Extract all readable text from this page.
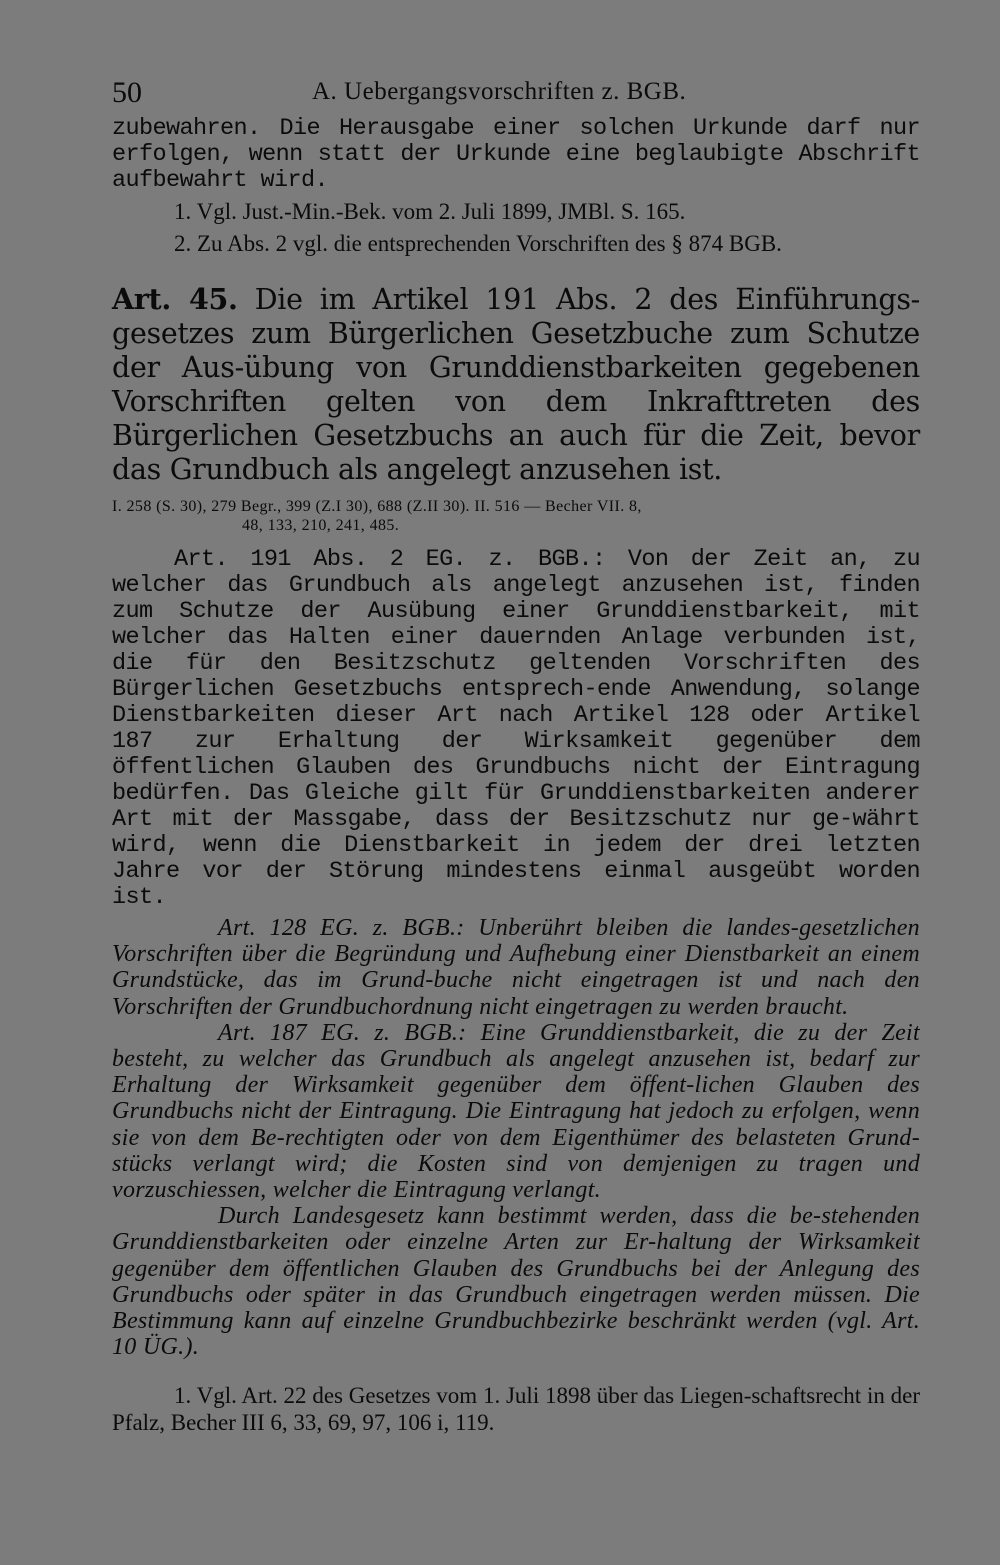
50	A. Uebergangsvorschriften z. BGB.

zubewahren. Die Herausgabe einer solchen Urkunde darf nur erfolgen, wenn statt der Urkunde eine beglaubigte Abschrift aufbewahrt wird.

1. Vgl. Just.-Min.-Bek. vom 2. Juli 1899, JMBl. S. 165.

2. Zu Abs. 2 vgl. die entsprechenden Vorschriften des § 874 BGB.

Art. 45. Die im Artikel 191 Abs. 2 des Einführungs-gesetzes zum Bürgerlichen Gesetzbuche zum Schutze der Aus-übung von Grunddienstbarkeiten gegebenen Vorschriften gelten von dem Inkrafttreten des Bürgerlichen Gesetzbuchs an auch für die Zeit, bevor das Grundbuch als angelegt anzusehen ist.
I. 258 (S. 30), 279 Begr., 399 (Z.I 30), 688 (Z.II 30). II. 516 — Becher VII. 8,
48, 133, 210, 241, 485.

Art. 191 Abs. 2 EG. z. BGB.: Von der Zeit an, zu welcher das Grundbuch als angelegt anzusehen ist, finden zum Schutze der Ausübung einer Grunddienstbarkeit, mit welcher das Halten einer dauernden Anlage verbunden ist, die für den Besitzschutz geltenden Vorschriften des Bürgerlichen Gesetzbuchs entsprech-ende Anwendung, solange Dienstbarkeiten dieser Art nach Artikel 128 oder Artikel 187 zur Erhaltung der Wirksamkeit gegenüber dem öffentlichen Glauben des Grundbuchs nicht der Eintragung bedürfen. Das Gleiche gilt für Grunddienstbarkeiten anderer Art mit der Massgabe, dass der Besitzschutz nur ge-währt wird, wenn die Dienstbarkeit in jedem der drei letzten Jahre vor der Störung mindestens einmal ausgeübt worden ist.

Art. 128 EG. z. BGB.: Unberührt bleiben die landes-gesetzlichen Vorschriften über die Begründung und Aufhebung einer Dienstbarkeit an einem Grundstücke, das im Grund-buche nicht eingetragen ist und nach den Vorschriften der Grundbuchordnung nicht eingetragen zu werden braucht.

Art. 187 EG. z. BGB.: Eine Grunddienstbarkeit, die zu der Zeit besteht, zu welcher das Grundbuch als angelegt anzusehen ist, bedarf zur Erhaltung der Wirksamkeit gegenüber dem öffent-lichen Glauben des Grundbuchs nicht der Eintragung. Die Eintragung hat jedoch zu erfolgen, wenn sie von dem Be-rechtigten oder von dem Eigenthümer des belasteten Grund-stücks verlangt wird; die Kosten sind von demjenigen zu tragen und vorzuschiessen, welcher die Eintragung verlangt.

Durch Landesgesetz kann bestimmt werden, dass die be-stehenden Grunddienstbarkeiten oder einzelne Arten zur Er-haltung der Wirksamkeit gegenüber dem öffentlichen Glauben des Grundbuchs bei der Anlegung des Grundbuchs oder später in das Grundbuch eingetragen werden müssen. Die Bestimmung kann auf einzelne Grundbuchbezirke beschränkt werden (vgl. Art. 10 ÜG.).

1. Vgl. Art. 22 des Gesetzes vom 1. Juli 1898 über das Liegen-schaftsrecht in der Pfalz, Becher III 6, 33, 69, 97, 106 i, 119.
